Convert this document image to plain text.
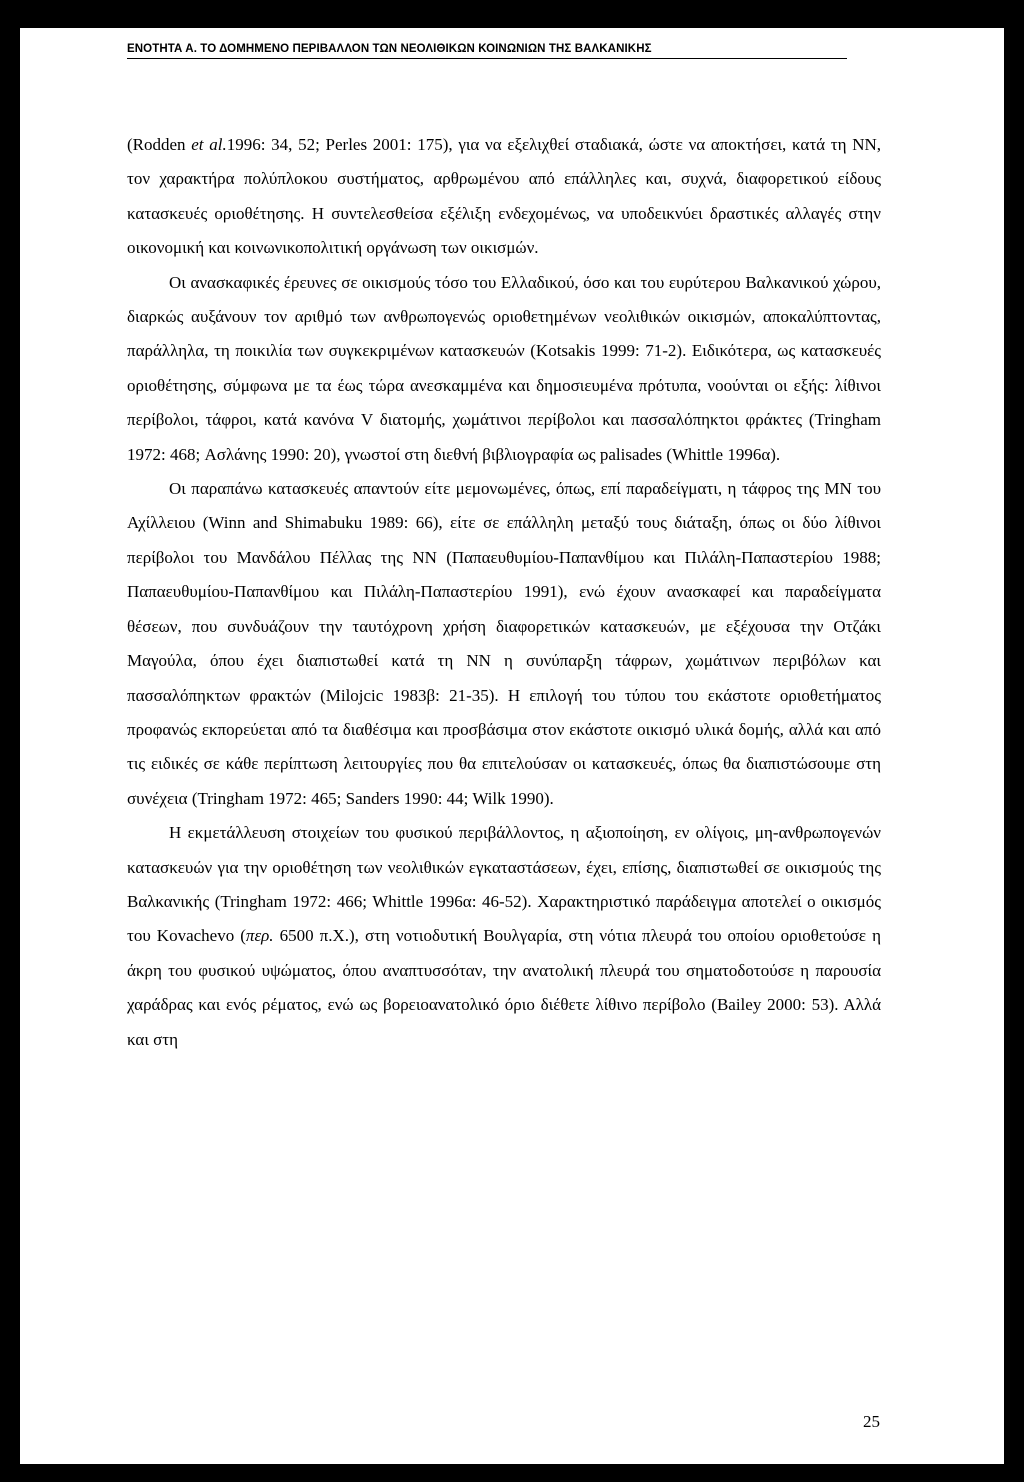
ΕΝΟΤΗΤΑ Α. ΤΟ ΔΟΜΗΜΕΝΟ ΠΕΡΙΒΑΛΛΟΝ ΤΩΝ ΝΕΟΛΙΘΙΚΩΝ ΚΟΙΝΩΝΙΩΝ ΤΗΣ ΒΑΛΚΑΝΙΚΗΣ

(Rodden et al.1996: 34, 52; Perles 2001: 175), για να εξελιχθεί σταδιακά, ώστε να αποκτήσει, κατά τη ΝΝ, τον χαρακτήρα πολύπλοκου συστήματος, αρθρωμένου από επάλληλες και, συχνά, διαφορετικού είδους κατασκευές οριοθέτησης. Η συντελεσθείσα εξέλιξη ενδεχομένως, να υποδεικνύει δραστικές αλλαγές στην οικονομική και κοινωνικοπολιτική οργάνωση των οικισμών.

Οι ανασκαφικές έρευνες σε οικισμούς τόσο του Ελλαδικού, όσο και του ευρύτερου Βαλκανικού χώρου, διαρκώς αυξάνουν τον αριθμό των ανθρωπογενώς οριοθετημένων νεολιθικών οικισμών, αποκαλύπτοντας, παράλληλα, τη ποικιλία των συγκεκριμένων κατασκευών (Kotsakis 1999: 71-2). Ειδικότερα, ως κατασκευές οριοθέτησης, σύμφωνα με τα έως τώρα ανεσκαμμένα και δημοσιευμένα πρότυπα, νοούνται οι εξής: λίθινοι περίβολοι, τάφροι, κατά κανόνα V διατομής, χωμάτινοι περίβολοι και πασσαλόπηκτοι φράκτες (Tringham 1972: 468; Ασλάνης 1990: 20), γνωστοί στη διεθνή βιβλιογραφία ως palisades (Whittle 1996α).

Οι παραπάνω κατασκευές απαντούν είτε μεμονωμένες, όπως, επί παραδείγματι, η τάφρος της ΜΝ του Αχίλλειου (Winn and Shimabuku 1989: 66), είτε σε επάλληλη μεταξύ τους διάταξη, όπως οι δύο λίθινοι περίβολοι του Μανδάλου Πέλλας της ΝΝ (Παπαευθυμίου-Παπανθίμου και Πιλάλη-Παπαστερίου 1988; Παπαευθυμίου-Παπανθίμου και Πιλάλη-Παπαστερίου 1991), ενώ έχουν ανασκαφεί και παραδείγματα θέσεων, που συνδυάζουν την ταυτόχρονη χρήση διαφορετικών κατασκευών, με εξέχουσα την Οτζάκι Μαγούλα, όπου έχει διαπιστωθεί κατά τη ΝΝ η συνύπαρξη τάφρων, χωμάτινων περιβόλων και πασσαλόπηκτων φρακτών (Milojcic 1983β: 21-35). Η επιλογή του τύπου του εκάστοτε οριοθετήματος προφανώς εκπορεύεται από τα διαθέσιμα και προσβάσιμα στον εκάστοτε οικισμό υλικά δομής, αλλά και από τις ειδικές σε κάθε περίπτωση λειτουργίες που θα επιτελούσαν οι κατασκευές, όπως θα διαπιστώσουμε στη συνέχεια (Tringham 1972: 465; Sanders 1990: 44; Wilk 1990).

Η εκμετάλλευση στοιχείων του φυσικού περιβάλλοντος, η αξιοποίηση, εν ολίγοις, μη-ανθρωπογενών κατασκευών για την οριοθέτηση των νεολιθικών εγκαταστάσεων, έχει, επίσης, διαπιστωθεί σε οικισμούς της Βαλκανικής (Tringham 1972: 466; Whittle 1996α: 46-52). Χαρακτηριστικό παράδειγμα αποτελεί ο οικισμός του Kovachevo (περ. 6500 π.Χ.), στη νοτιοδυτική Βουλγαρία, στη νότια πλευρά του οποίου οριοθετούσε η άκρη του φυσικού υψώματος, όπου αναπτυσσόταν, την ανατολική πλευρά του σηματοδοτούσε η παρουσία χαράδρας και ενός ρέματος, ενώ ως βορειοανατολικό όριο διέθετε λίθινο περίβολο (Bailey 2000: 53). Αλλά και στη

25
